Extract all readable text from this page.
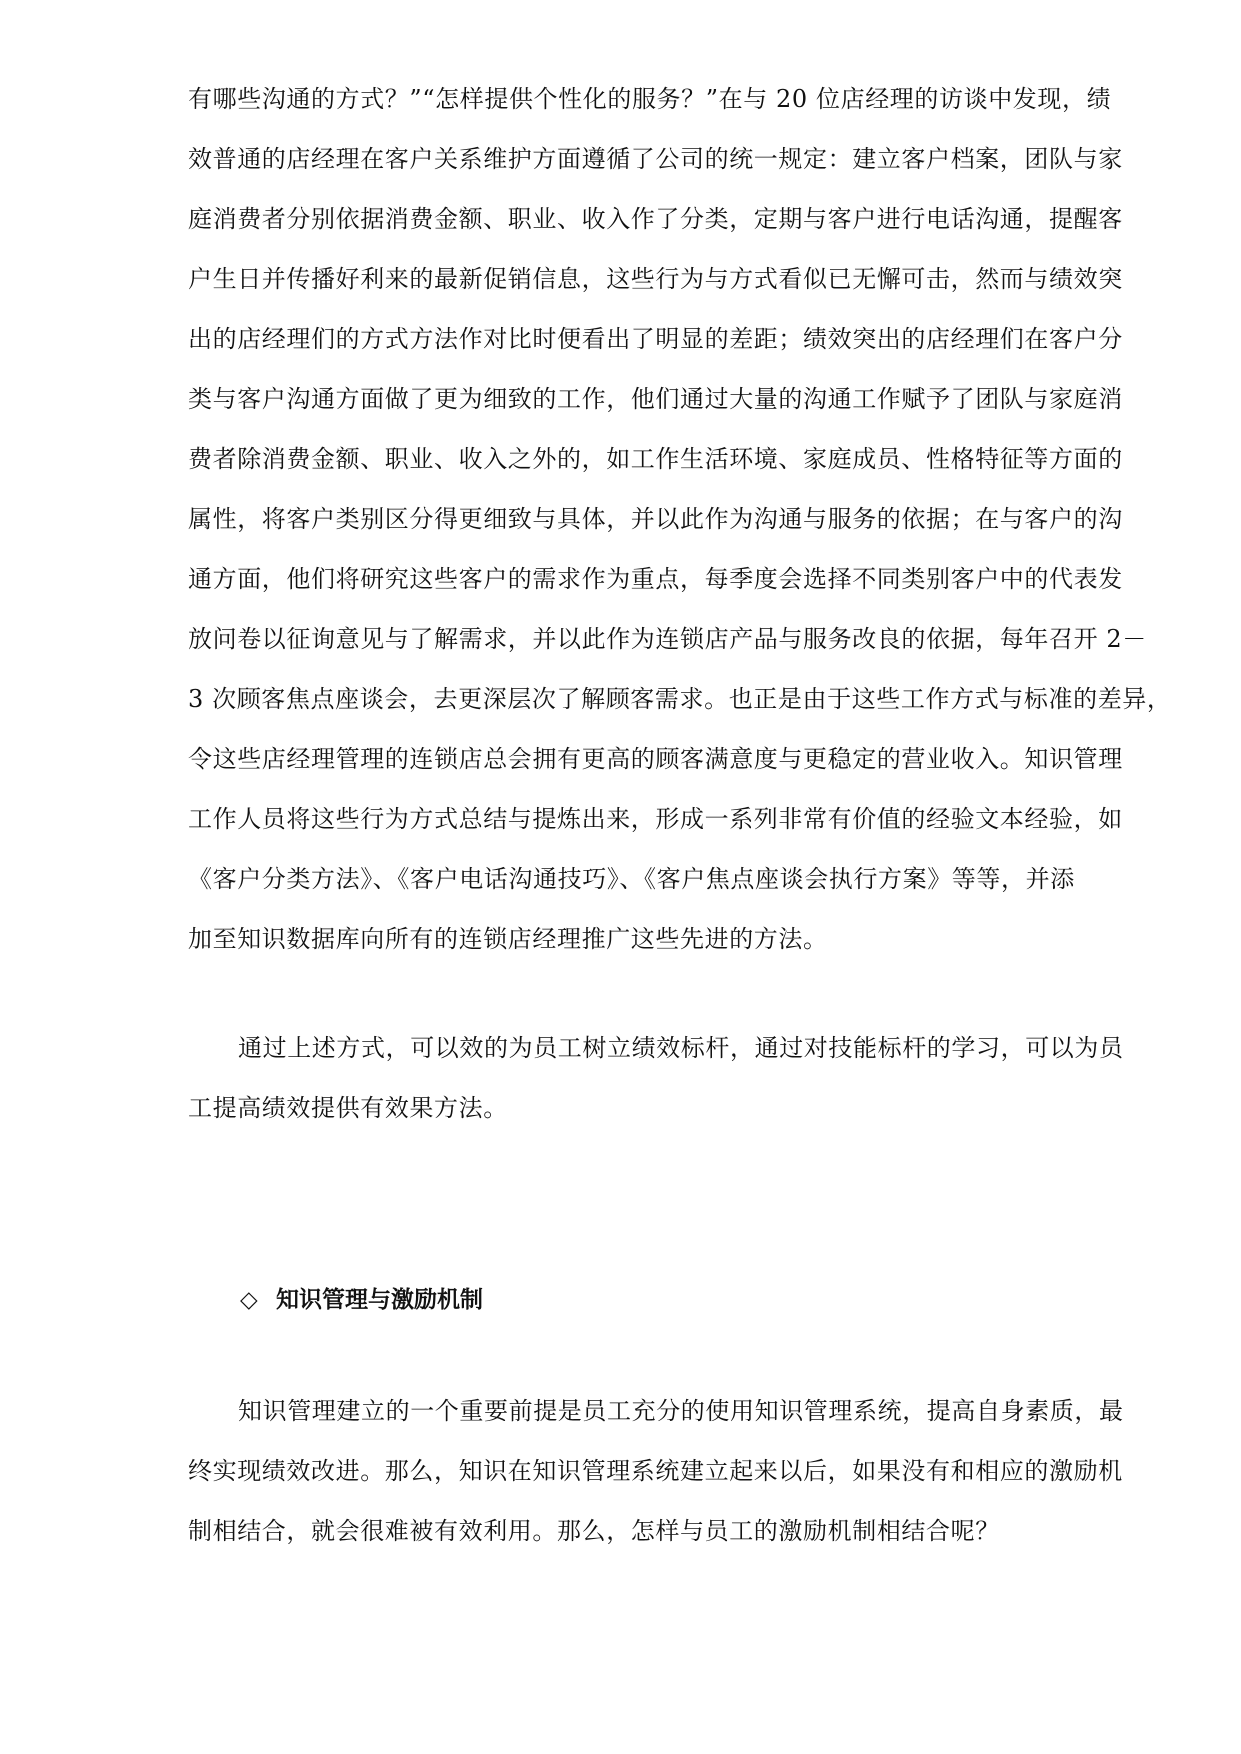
有哪些沟通的方式？”“怎样提供个性化的服务？”在与 20 位店经理的访谈中发现，绩
效普通的店经理在客户关系维护方面遵循了公司的统一规定：建立客户档案，团队与家
庭消费者分别依据消费金额、职业、收入作了分类，定期与客户进行电话沟通，提醒客
户生日并传播好利来的最新促销信息，这些行为与方式看似已无懈可击，然而与绩效突
出的店经理们的方式方法作对比时便看出了明显的差距；绩效突出的店经理们在客户分
类与客户沟通方面做了更为细致的工作，他们通过大量的沟通工作赋予了团队与家庭消
费者除消费金额、职业、收入之外的，如工作生活环境、家庭成员、性格特征等方面的
属性，将客户类别区分得更细致与具体，并以此作为沟通与服务的依据；在与客户的沟
通方面，他们将研究这些客户的需求作为重点，每季度会选择不同类别客户中的代表发
放问卷以征询意见与了解需求，并以此作为连锁店产品与服务改良的依据，每年召开 2－
3 次顾客焦点座谈会，去更深层次了解顾客需求。也正是由于这些工作方式与标准的差异，
令这些店经理管理的连锁店总会拥有更高的顾客满意度与更稳定的营业收入。知识管理
工作人员将这些行为方式总结与提炼出来，形成一系列非常有价值的经验文本经验，如
《客户分类方法》、《客户电话沟通技巧》、《客户焦点座谈会执行方案》等等，并添
加至知识数据库向所有的连锁店经理推广这些先进的方法。
通过上述方式，可以效的为员工树立绩效标杆，通过对技能标杆的学习，可以为员
工提高绩效提供有效果方法。
◇ 知识管理与激励机制
知识管理建立的一个重要前提是员工充分的使用知识管理系统，提高自身素质，最
终实现绩效改进。那么，知识在知识管理系统建立起来以后，如果没有和相应的激励机
制相结合，就会很难被有效利用。那么，怎样与员工的激励机制相结合呢？
